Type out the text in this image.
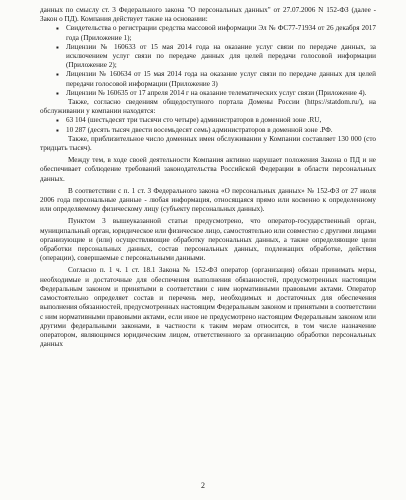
данных по смыслу ст. 3 Федерального закона "О персональных данных" от 27.07.2006 N 152-ФЗ (далее - Закон о ПД). Компания действует также на основании:

▪ Свидетельства о регистрации средства массовой информации Эл № ФС77-71934 от 26 декабря 2017 года (Приложение 1);
▪ Лицензии № 160633 от 15 мая 2014 года на оказание услуг связи по передаче данных, за исключением услуг связи по передаче данных для целей передачи голосовой информации (Приложение 2);
▪ Лицензии № 160634 от 15 мая 2014 года на оказание услуг связи по передаче данных для целей передачи голосовой информации (Приложение 3)
▪ Лицензии № 160635 от 17 апреля 2014 г на оказание телематических услуг связи (Приложение 4).

Также, согласно сведениям общедоступного портала Домены России (https://statdom.ru/), на обслуживании у компании находятся:

▪ 63 104 (шестьдесят три тысячи сто четыре) администраторов в доменной зоне .RU,
▪ 10 287 (десять тысяч двести восемьдесят семь) администраторов в доменной зоне .РФ.

Также, приблизительное число доменных имен обслуживании у Компании составляет 130 000 (сто тридцать тысяч).

Между тем, в ходе своей деятельности Компания активно нарушает положения Закона о ПД и не обеспечивает соблюдение требований законодательства Российской Федерации в области персональных данных.

В соответствии с п. 1 ст. 3 Федерального закона «О персональных данных» № 152-ФЗ от 27 июля 2006 года персональные данные - любая информация, относящаяся прямо или косвенно к определенному или определяемому физическому лицу (субъекту персональных данных).

Пунктом 3 вышеуказанной статьи предусмотрено, что оператор-государственный орган, муниципальный орган, юридическое или физическое лицо, самостоятельно или совместно с другими лицами организующие и (или) осуществляющие обработку персональных данных, а также определяющие цели обработки персональных данных, состав персональных данных, подлежащих обработке, действия (операции), совершаемые с персональными данными.

Согласно п. 1 ч. 1 ст. 18.1 Закона № 152-ФЗ оператор (организация) обязан принимать меры, необходимые и достаточные для обеспечения выполнения обязанностей, предусмотренных настоящим Федеральным законом и принятыми в соответствии с ним нормативными правовыми актами. Оператор самостоятельно определяет состав и перечень мер, необходимых и достаточных для обеспечения выполнения обязанностей, предусмотренных настоящим Федеральным законом и принятыми в соответствии с ним нормативными правовыми актами, если иное не предусмотрено настоящим Федеральным законом или другими федеральными законами, в частности к таким мерам относится, в том числе назначение оператором, являющимся юридическим лицом, ответственного за организацию обработки персональных данных

2
